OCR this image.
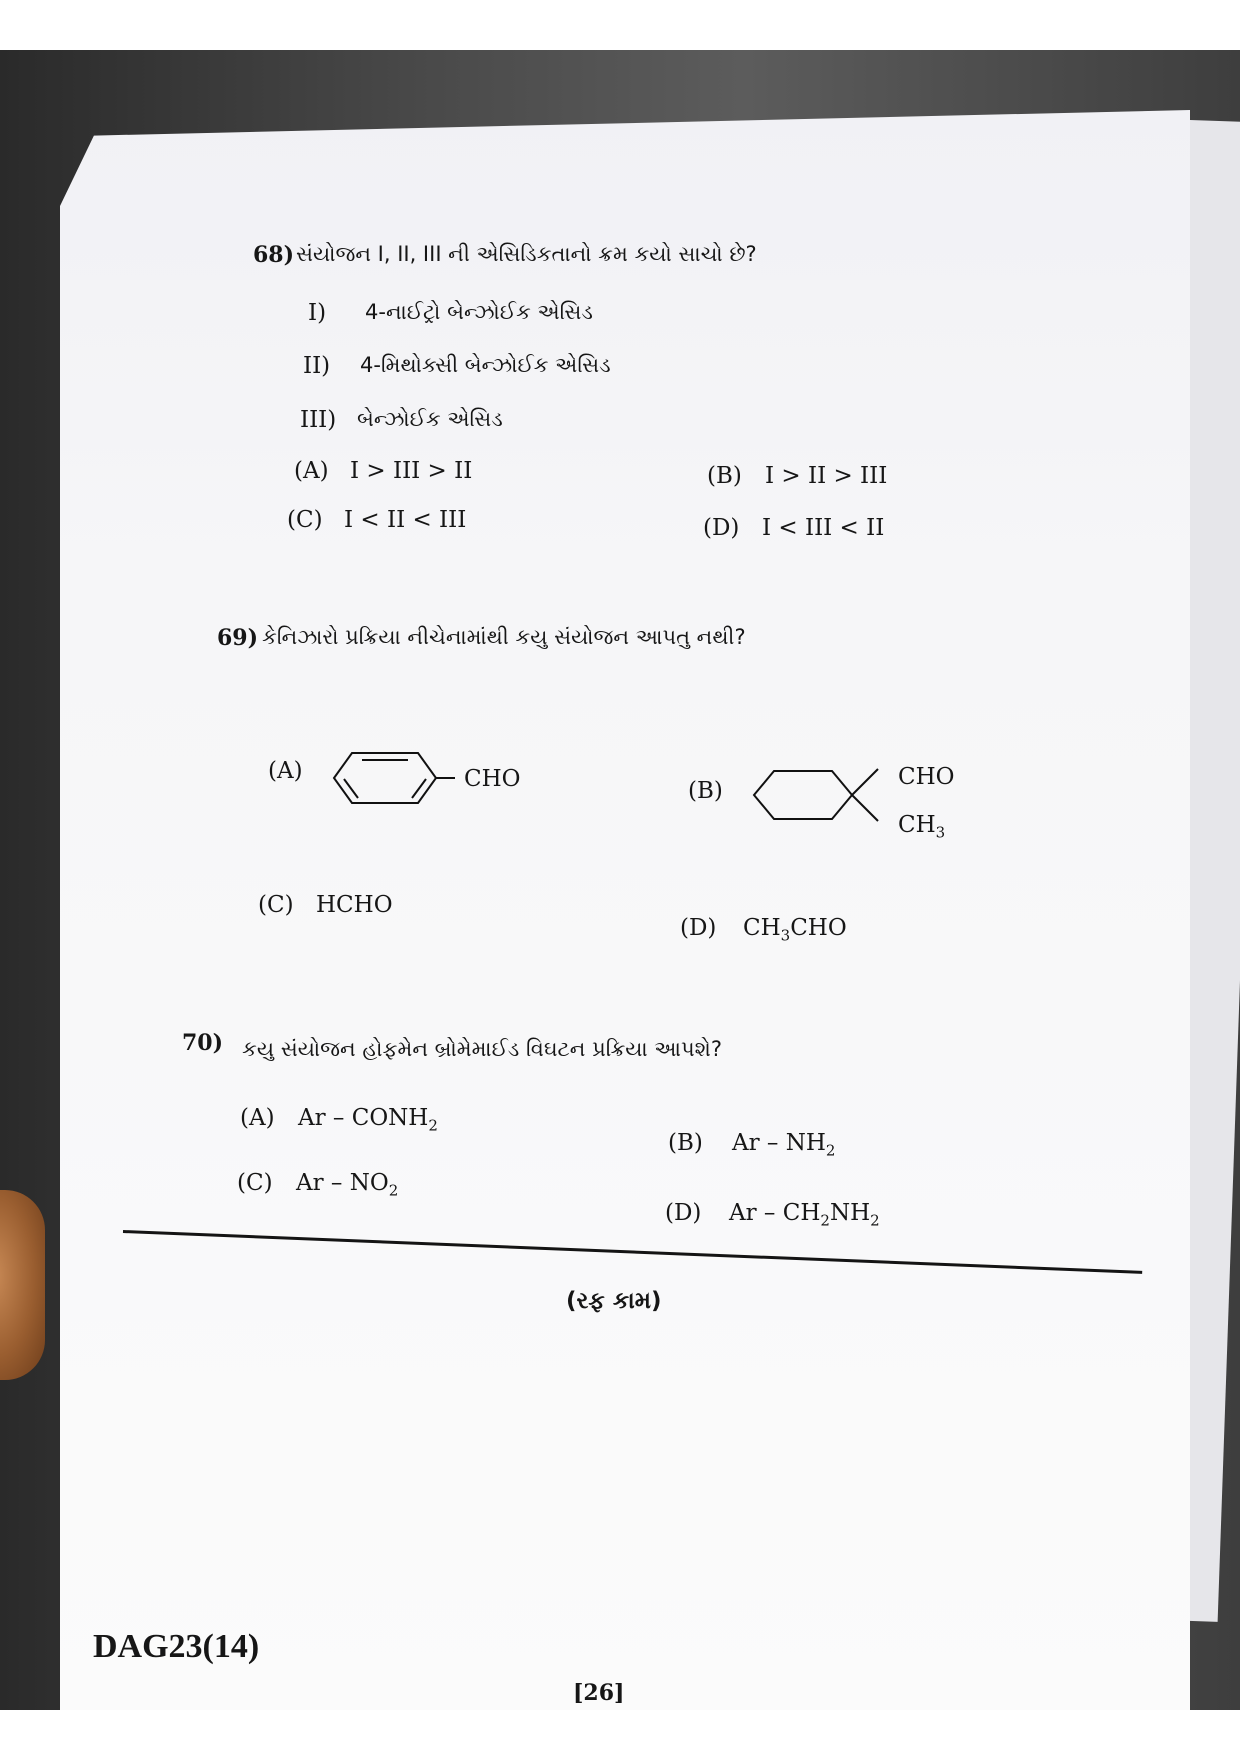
68) સંયોજન I, II, III ની એસિડિકતાનો ક્રમ કયો સાચો છે?
I) 4-નાઈટ્રો બેન્ઝોઈક એસિડ
II) 4-મિથોક્સી બેન્ઝોઈક એસિડ
III) બેન્ઝોઈક એસિડ
(A) I > III > II	(B) I > II > III
(C) I < II < III	(D) I < III < II
69) કેનિઝારો પ્રક્રિયા નીચેનામાંથી કયુ સંયોજન આપતુ નથી?
(A)	CHO	(B)
CHO
$CH_3$
(C) HCHO
(D) $CH_3CHO$
70) કયુ સંયોજન હોફમેન બ્રોમેમાઈડ વિઘટન પ્રક્રિયા આપશે?
(A) Ar – $CONH_2$
(B) Ar – $NH_2$
(C) Ar – $NO_2$
(D) Ar – $CH_2NH_2$
(રફ કામ)
DAG23(14)
[26]
